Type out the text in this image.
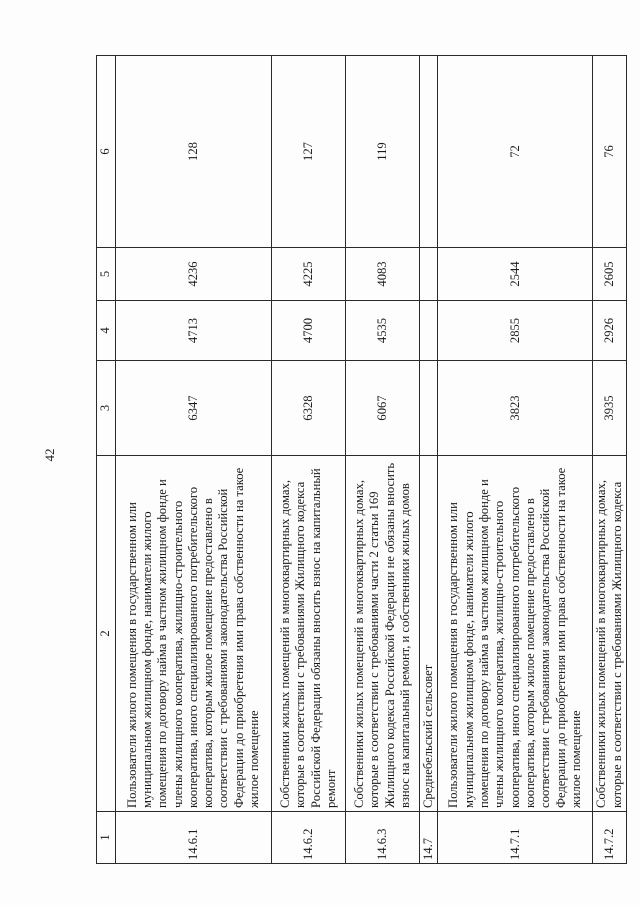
42
1	2	3	4	5	6
14.6.1	Пользователи жилого помещения в государственном или муниципальном жилищном фонде, наниматели жилого помещения по договору найма в частном жилищном фонде и члены жилищного кооператива, жилищно-строительного кооператива, иного специализированного потребительского кооператива, которым жилое помещение предоставлено в соответствии с требованиями законодательства Российской Федерации до приобретения ими права собственности на такое жилое помещение	6347	4713	4236	128
14.6.2	Собственники жилых помещений в многоквартирных домах, которые в соответствии с требованиями Жилищного кодекса Российской Федерации обязаны вносить взнос на капитальный ремонт	6328	4700	4225	127
14.6.3	Собственники жилых помещений в многоквартирных домах, которые в соответствии с требованиями части 2 статьи 169 Жилищного кодекса Российской Федерации не обязаны вносить взнос на капитальный ремонт, и собственники жилых домов	6067	4535	4083	119
14.7	Среднебельский сельсовет				
14.7.1	Пользователи жилого помещения в государственном или муниципальном жилищном фонде, наниматели жилого помещения по договору найма в частном жилищном фонде и члены жилищного кооператива, жилищно-строительного кооператива, иного специализированного потребительского кооператива, которым жилое помещение предоставлено в соответствии с требованиями законодательства Российской Федерации до приобретения ими права собственности на такое жилое помещение	3823	2855	2544	72
14.7.2	Собственники жилых помещений в многоквартирных домах, которые в соответствии с требованиями Жилищного кодекса	3935	2926	2605	76
